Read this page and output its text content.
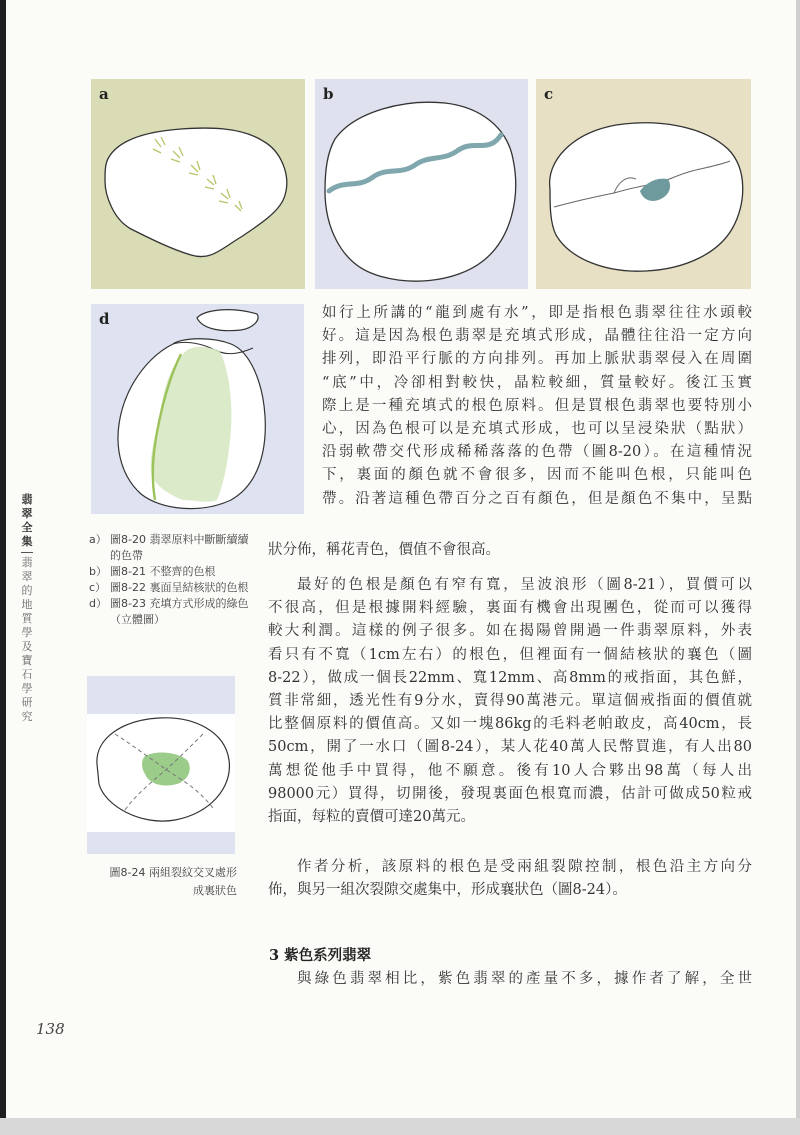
a	b	c
d
翡
翠
全
集
翡
翠
的
地
質
學
及
寶
石
學
研
究
a） 圖8-20 翡翠原料中斷斷續續的色帶
b） 圖8-21 不整齊的色根
c） 圖8-22 裏面呈結核狀的色根
d） 圖8-23 充填方式形成的綠色（立體圖）
圖8-24 兩組裂紋交叉處形
成裏狀色

如行上所講的“龍到處有水”，即是指根色翡翠往往水頭較

好。這是因為根色翡翠是充填式形成，晶體往往沿一定方向

排列，即沿平行脈的方向排列。再加上脈狀翡翠侵入在周圍

“底”中，冷卻相對較快，晶粒較細，質量較好。後江玉實

際上是一種充填式的根色原料。但是買根色翡翠也要特別小

心，因為色根可以是充填式形成，也可以呈浸染狀（點狀）

沿弱軟帶交代形成稀稀落落的色帶（圖8-20）。在這種情況

下，裏面的顏色就不會很多，因而不能叫色根，只能叫色

帶。沿著這種色帶百分之百有顏色，但是顏色不集中，呈點

狀分佈，稱花青色，價值不會很高。

最好的色根是顏色有窄有寬，呈波浪形（圖8-21），買價可以

不很高，但是根據開料經驗，裏面有機會出現團色，從而可以獲得

較大利潤。這樣的例子很多。如在揭陽曾開過一件翡翠原料，外表

看只有不寬（1cm左右）的根色，但裡面有一個結核狀的襄色（圖

8-22），做成一個長22mm、寬12mm、高8mm的戒指面，其色鮮，

質非常細，透光性有9分水，賣得90萬港元。單這個戒指面的價值就

比整個原料的價值高。又如一塊86kg的毛料老帕敢皮，高40cm，長

50cm，開了一水口（圖8-24），某人花40萬人民幣買進，有人出80

萬想從他手中買得，他不願意。後有10人合夥出98萬（每人出

98000元）買得，切開後，發現裏面色根寬而濃，估計可做成50粒戒

指面，每粒的賣價可達20萬元。

作者分析，該原料的根色是受兩組裂隙控制，根色沿主方向分

佈，與另一組次裂隙交處集中，形成襄狀色（圖8-24）。

3 紫色系列翡翠

與綠色翡翠相比，紫色翡翠的產量不多，據作者了解，全世

138
